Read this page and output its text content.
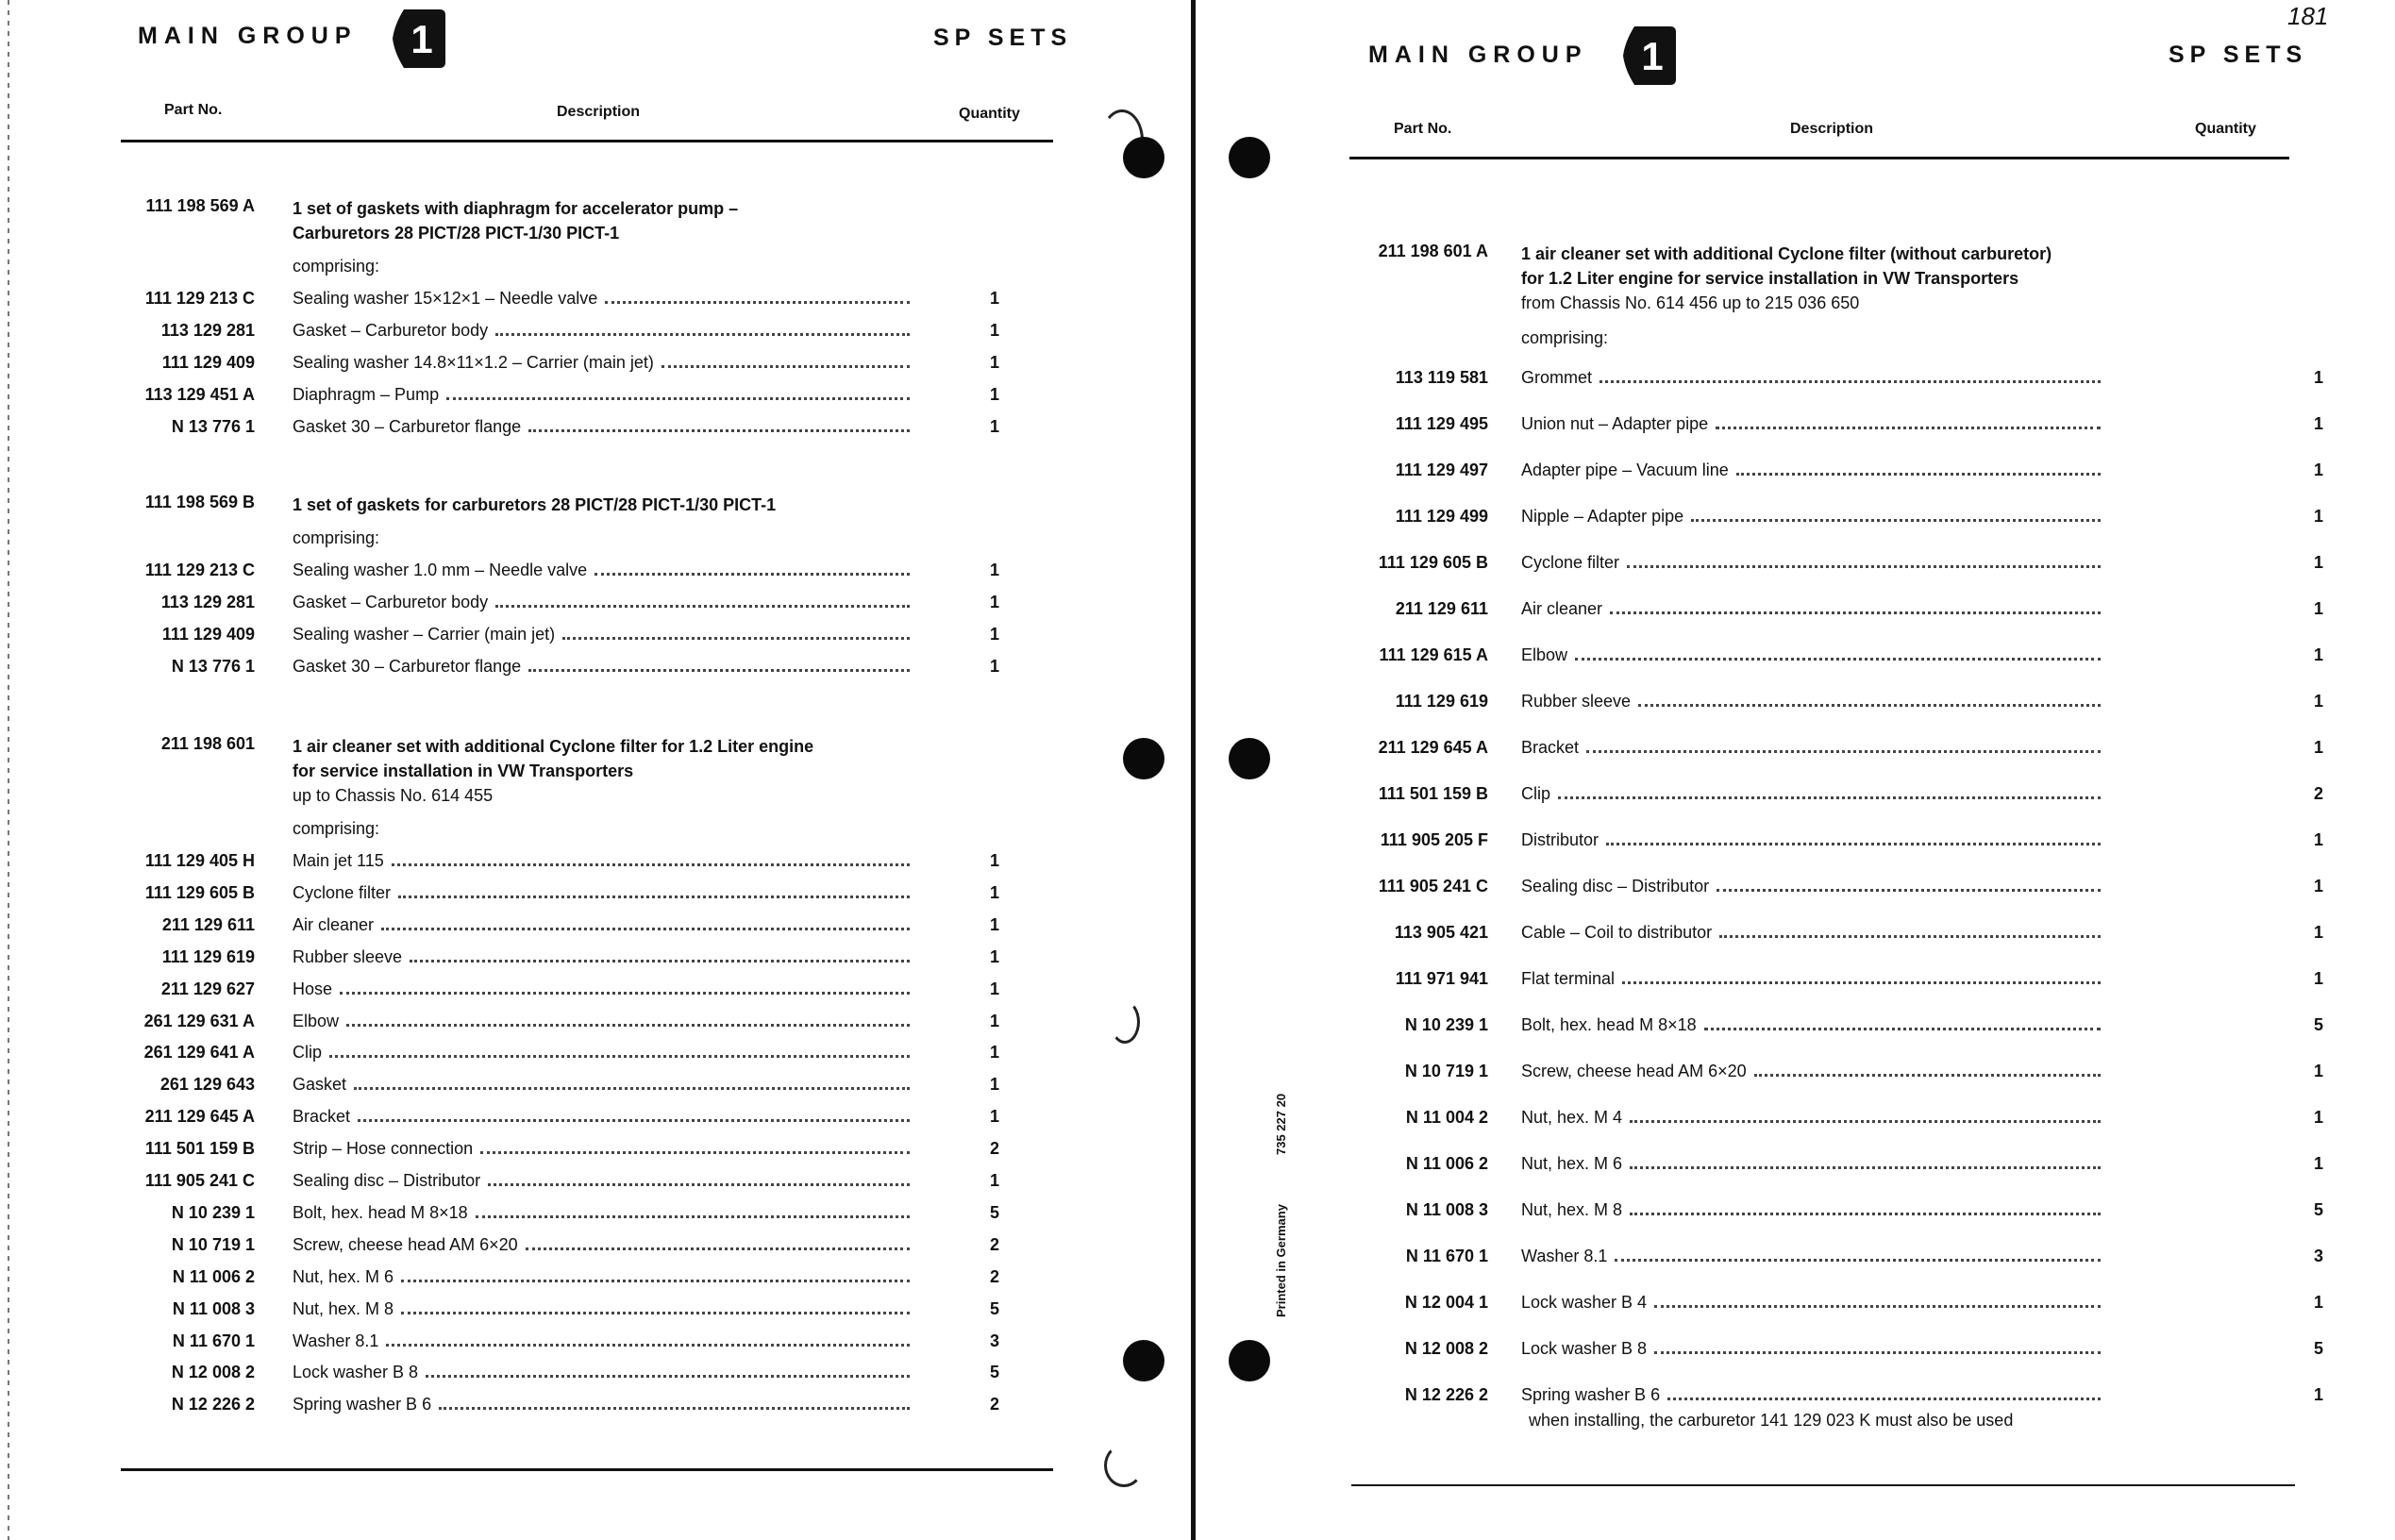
MAIN GROUP 1	SP SETS
Part No.	Description	Quantity
111 198 569 A 1 set of gaskets with diaphragm for accelerator pump –
Carburetors 28 PICT/28 PICT-1/30 PICT-1
comprising:
111 129 213 C Sealing washer 15×12×1 – Needle valve	1
113 129 281 Gasket – Carburetor body	1
111 129 409 Sealing washer 14.8×11×1.2 – Carrier (main jet)	1
113 129 451 A Diaphragm – Pump	1
N 13 776 1 Gasket 30 – Carburetor flange	1
111 198 569 B 1 set of gaskets for carburetors 28 PICT/28 PICT-1/30 PICT-1
comprising:
111 129 213 C Sealing washer 1.0 mm – Needle valve	1
113 129 281 Gasket – Carburetor body	1
111 129 409 Sealing washer – Carrier (main jet)	1
N 13 776 1 Gasket 30 – Carburetor flange	1
211 198 601 1 air cleaner set with additional Cyclone filter for 1.2 Liter engine
for service installation in VW Transporters
up to Chassis No. 614 455
comprising:
111 129 405 H Main jet 115	1
111 129 605 B Cyclone filter	1
211 129 611 Air cleaner	1
111 129 619 Rubber sleeve	1
211 129 627 Hose	1
261 129 631 A Elbow	1
261 129 641 A Clip	1
261 129 643 Gasket	1
211 129 645 A Bracket	1
111 501 159 B Strip – Hose connection	2
111 905 241 C Sealing disc – Distributor	1
N 10 239 1 Bolt, hex. head M 8×18	5
N 10 719 1 Screw, cheese head AM 6×20	2
N 11 006 2 Nut, hex. M 6	2
N 11 008 3 Nut, hex. M 8	5
N 11 670 1 Washer 8.1	3
N 12 008 2 Lock washer B 8	5
N 12 226 2 Spring washer B 6	2
181
MAIN GROUP 1	SP SETS
Part No.	Description	Quantity
211 198 601 A 1 air cleaner set with additional Cyclone filter (without carburetor)
for 1.2 Liter engine for service installation in VW Transporters
from Chassis No. 614 456 up to 215 036 650
comprising:
113 119 581 Grommet	1
111 129 495 Union nut – Adapter pipe	1
111 129 497 Adapter pipe – Vacuum line	1
111 129 499 Nipple – Adapter pipe	1
111 129 605 B Cyclone filter	1
211 129 611 Air cleaner	1
111 129 615 A Elbow	1
111 129 619 Rubber sleeve	1
211 129 645 A Bracket	1
111 501 159 B Clip	2
111 905 205 F Distributor	1
111 905 241 C Sealing disc – Distributor	1
113 905 421 Cable – Coil to distributor	1
111 971 941 Flat terminal	1
N 10 239 1 Bolt, hex. head M 8×18	5
N 10 719 1 Screw, cheese head AM 6×20	1
N 11 004 2 Nut, hex. M 4	1
N 11 006 2 Nut, hex. M 6	1
N 11 008 3 Nut, hex. M 8	5
N 11 670 1 Washer 8.1	3
N 12 004 1 Lock washer B 4	1
N 12 008 2 Lock washer B 8	5
N 12 226 2 Spring washer B 6	1
when installing, the carburetor 141 129 023 K must also be used
Printed in Germany
735 227 20
